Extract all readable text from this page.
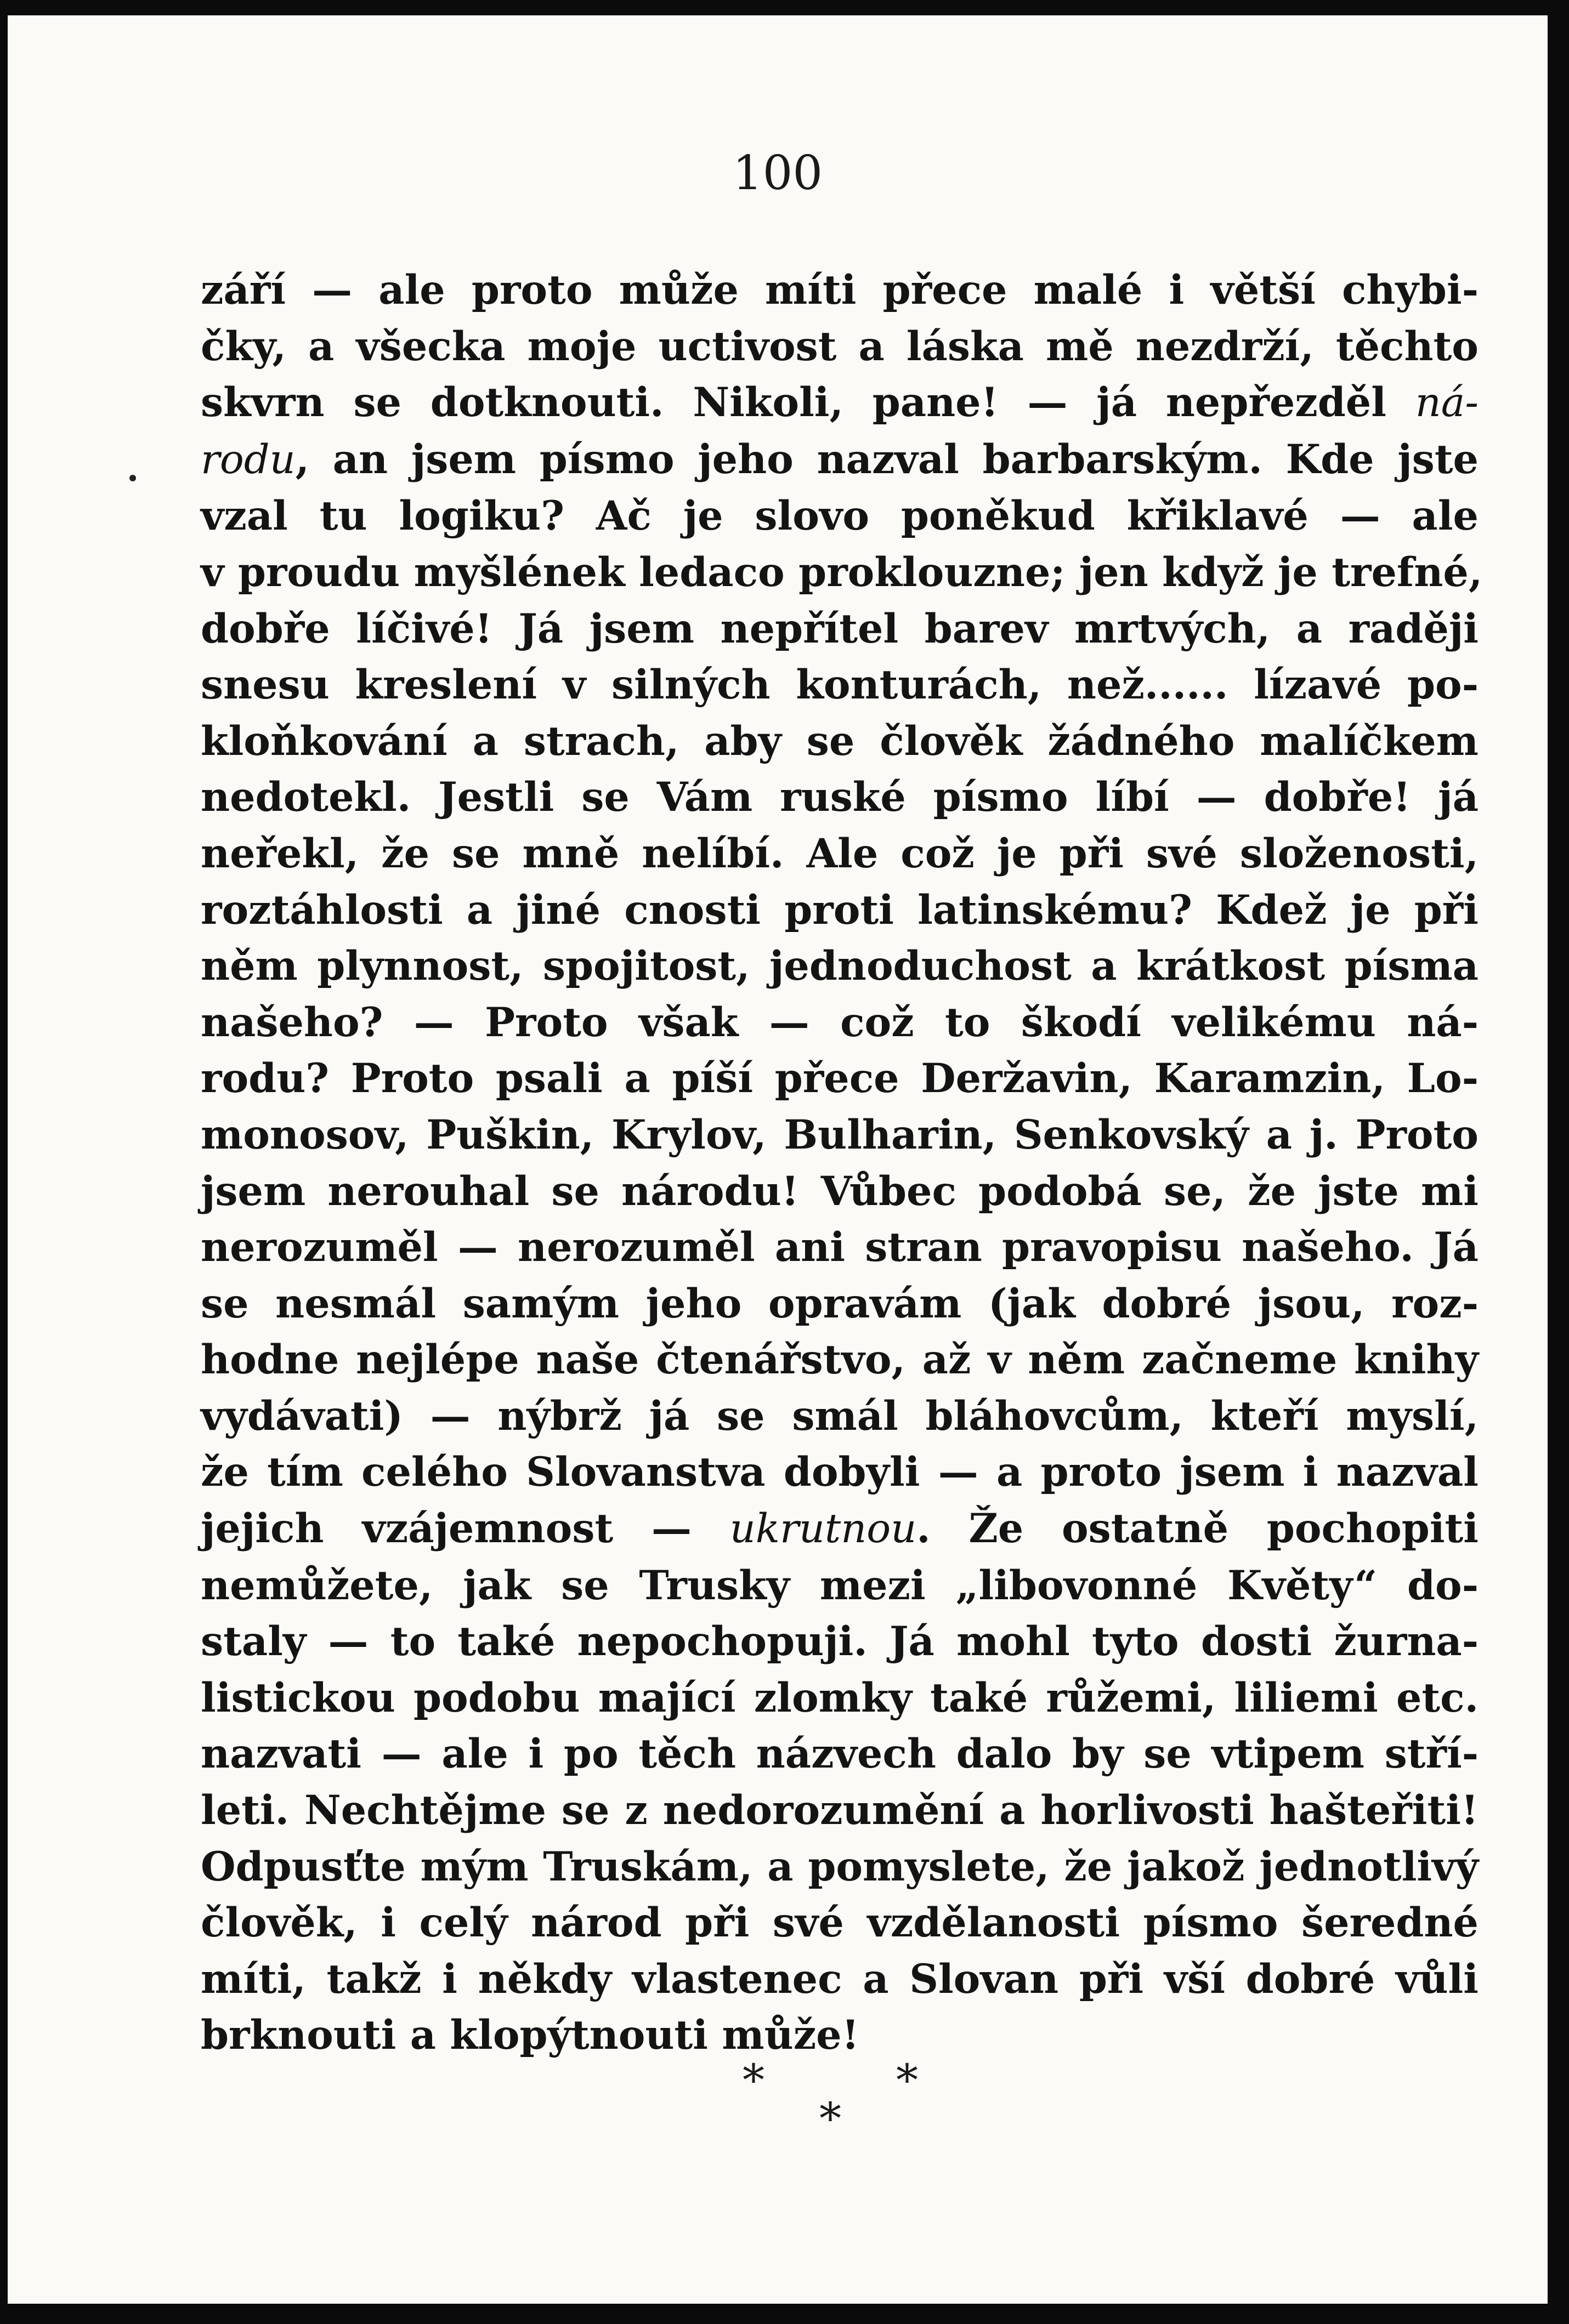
100
září — ale proto může míti přece malé i větší chybi-
čky, a všecka moje uctivost a láska mě nezdrží, těchto
skvrn se dotknouti. Nikoli, pane! — já nepřezděl ná-
rodu, an jsem písmo jeho nazval barbarským. Kde jste
vzal tu logiku? Ač je slovo poněkud křiklavé — ale
v proudu myšlének ledaco proklouzne; jen když je trefné,
dobře líčivé! Já jsem nepřítel barev mrtvých, a raději
snesu kreslení v silných konturách, než...... lízavé po-
kloňkování a strach, aby se člověk žádného malíčkem
nedotekl. Jestli se Vám ruské písmo líbí — dobře! já
neřekl, že se mně nelíbí. Ale což je při své složenosti,
roztáhlosti a jiné cnosti proti latinskému? Kdež je při
něm plynnost, spojitost, jednoduchost a krátkost písma
našeho? — Proto však — což to škodí velikému ná-
rodu? Proto psali a píší přece Deržavin, Karamzin, Lo-
monosov, Puškin, Krylov, Bulharin, Senkovský a j. Proto
jsem nerouhal se národu! Vůbec podobá se, že jste mi
nerozuměl — nerozuměl ani stran pravopisu našeho. Já
se nesmál samým jeho opravám (jak dobré jsou, roz-
hodne nejlépe naše čtenářstvo, až v něm začneme knihy
vydávati) — nýbrž já se smál bláhovcům, kteří myslí,
že tím celého Slovanstva dobyli — a proto jsem i nazval
jejich vzájemnost — ukrutnou. Že ostatně pochopiti
nemůžete, jak se Trusky mezi „libovonné Květy“ do-
staly — to také nepochopuji. Já mohl tyto dosti žurna-
listickou podobu mající zlomky také růžemi, liliemi etc.
nazvati — ale i po těch názvech dalo by se vtipem stří-
leti. Nechtějme se z nedorozumění a horlivosti hašteřiti!
Odpusťte mým Truskám, a pomyslete, že jakož jednotlivý
člověk, i celý národ při své vzdělanosti písmo šeredné
míti, takž i někdy vlastenec a Slovan při vší dobré vůli
brknouti a klopýtnouti může!
*	*
*
